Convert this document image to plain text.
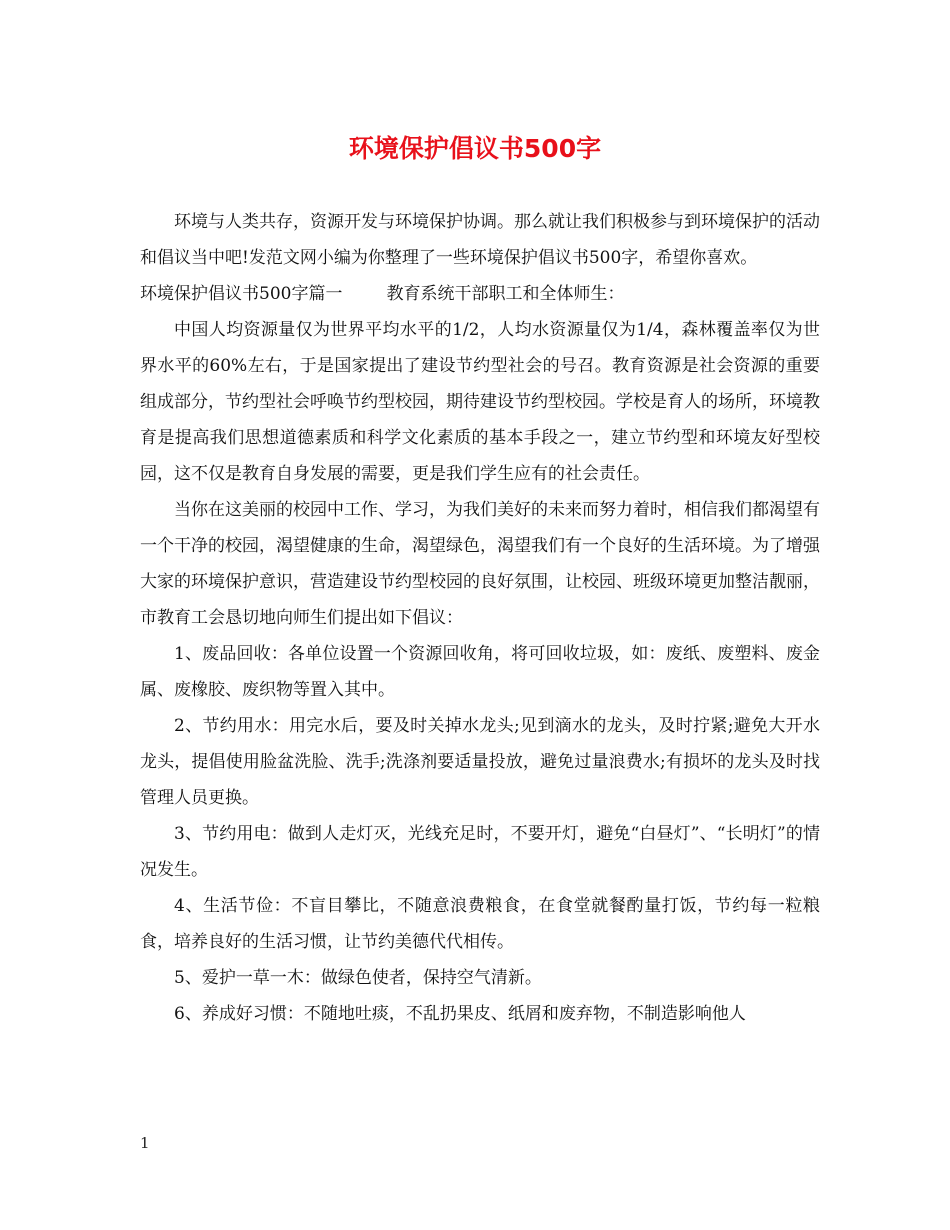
环境保护倡议书500字

环境与人类共存，资源开发与环境保护协调。那么就让我们积极参与到环境保护的活动和倡议当中吧!发范文网小编为你整理了一些环境保护倡议书500字，希望你喜欢。

环境保护倡议书500字篇一	教育系统干部职工和全体师生：

中国人均资源量仅为世界平均水平的1/2，人均水资源量仅为1/4，森林覆盖率仅为世界水平的60%左右，于是国家提出了建设节约型社会的号召。教育资源是社会资源的重要组成部分，节约型社会呼唤节约型校园，期待建设节约型校园。学校是育人的场所，环境教育是提高我们思想道德素质和科学文化素质的基本手段之一，建立节约型和环境友好型校园，这不仅是教育自身发展的需要，更是我们学生应有的社会责任。

当你在这美丽的校园中工作、学习，为我们美好的未来而努力着时，相信我们都渴望有一个干净的校园，渴望健康的生命，渴望绿色，渴望我们有一个良好的生活环境。为了增强大家的环境保护意识，营造建设节约型校园的良好氛围，让校园、班级环境更加整洁靓丽，市教育工会恳切地向师生们提出如下倡议：

1、废品回收：各单位设置一个资源回收角，将可回收垃圾，如：废纸、废塑料、废金属、废橡胶、废织物等置入其中。

2、节约用水：用完水后，要及时关掉水龙头;见到滴水的龙头，及时拧紧;避免大开水龙头，提倡使用脸盆洗脸、洗手;洗涤剂要适量投放，避免过量浪费水;有损坏的龙头及时找管理人员更换。

3、节约用电：做到人走灯灭，光线充足时，不要开灯，避免“白昼灯”、“长明灯”的情况发生。

4、生活节俭：不盲目攀比，不随意浪费粮食，在食堂就餐酌量打饭，节约每一粒粮食，培养良好的生活习惯，让节约美德代代相传。

5、爱护一草一木：做绿色使者，保持空气清新。

6、养成好习惯：不随地吐痰，不乱扔果皮、纸屑和废弃物，不制造影响他人

1
